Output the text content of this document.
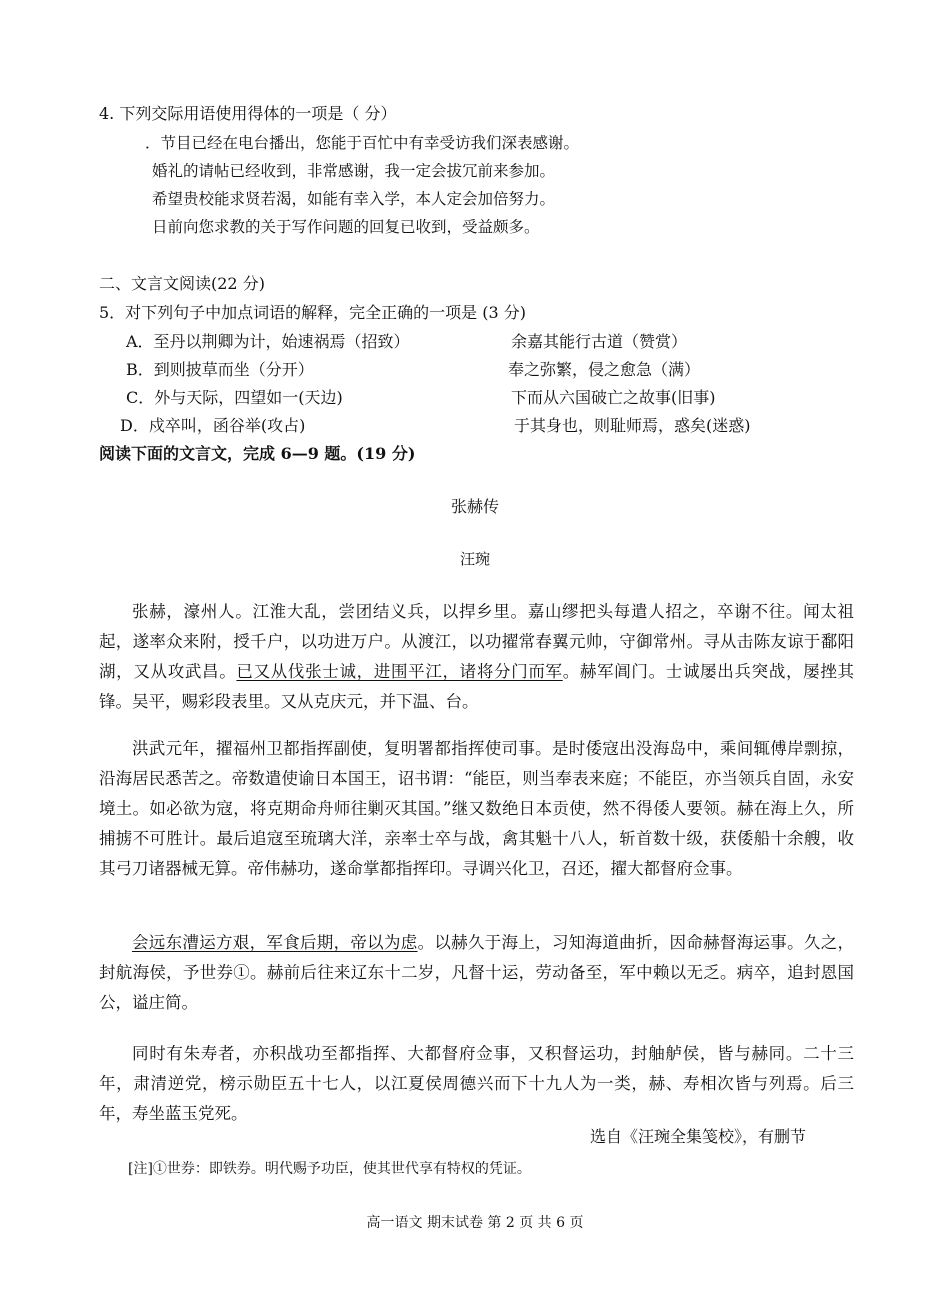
4. 下列交际用语使用得体的一项是（ 分）
．节目已经在电台播出，您能于百忙中有幸受访我们深表感谢。
婚礼的请帖已经收到，非常感谢，我一定会拔冗前来参加。
希望贵校能求贤若渴，如能有幸入学，本人定会加倍努力。
日前向您求教的关于写作问题的回复已收到，受益颇多。
二、文言文阅读(22 分)
5．对下列句子中加点词语的解释，完全正确的一项是 (3 分)
A．至丹以荆卿为计，始速祸焉（招致）	余嘉其能行古道（赞赏）
B．到则披草而坐（分开）	奉之弥繁，侵之愈急（满）
C．外与天际，四望如一(天边)	下而从六国破亡之故事(旧事)
D．戍卒叫，函谷举(攻占)	于其身也，则耻师焉，惑矣(迷惑)
阅读下面的文言文，完成 6—9 题。(19 分)
张赫传
汪琬
张赫，濠州人。江淮大乱，尝团结义兵，以捍乡里。嘉山缪把头每遣人招之，卒谢不往。闻太祖起，遂率众来附，授千户，以功进万户。从渡江，以功擢常春翼元帅，守御常州。寻从击陈友谅于鄱阳湖，又从攻武昌。已又从伐张士诚，进围平江，诸将分门而军。赫军阊门。士诚屡出兵突战，屡挫其锋。吴平，赐彩段表里。又从克庆元，并下温、台。
洪武元年，擢福州卫都指挥副使，复明署都指挥使司事。是时倭寇出没海岛中，乘间辄傅岸剽掠，沿海居民悉苦之。帝数遣使谕日本国王，诏书谓：“能臣，则当奉表来庭；不能臣，亦当领兵自固，永安境土。如必欲为寇，将克期命舟师往剿灭其国。”继又数绝日本贡使，然不得倭人要领。赫在海上久，所捕掳不可胜计。最后追寇至琉璃大洋，亲率士卒与战，禽其魁十八人，斩首数十级，获倭船十余艘，收其弓刀诸器械无算。帝伟赫功，遂命掌都指挥印。寻调兴化卫，召还，擢大都督府佥事。
会远东漕运方艰，军食后期，帝以为虑。以赫久于海上，习知海道曲折，因命赫督海运事。久之，封航海侯，予世券①。赫前后往来辽东十二岁，凡督十运，劳动备至，军中赖以无乏。病卒，追封恩国公，谥庄简。
同时有朱寿者，亦积战功至都指挥、大都督府佥事，又积督运功，封舳舻侯，皆与赫同。二十三年，肃清逆党，榜示勋臣五十七人，以江夏侯周德兴而下十九人为一类，赫、寿相次皆与列焉。后三年，寿坐蓝玉党死。
选自《汪琬全集笺校》，有删节
[注]①世券：即铁券。明代赐予功臣，使其世代享有特权的凭证。
高一语文 期末试卷 第 2 页 共 6 页
